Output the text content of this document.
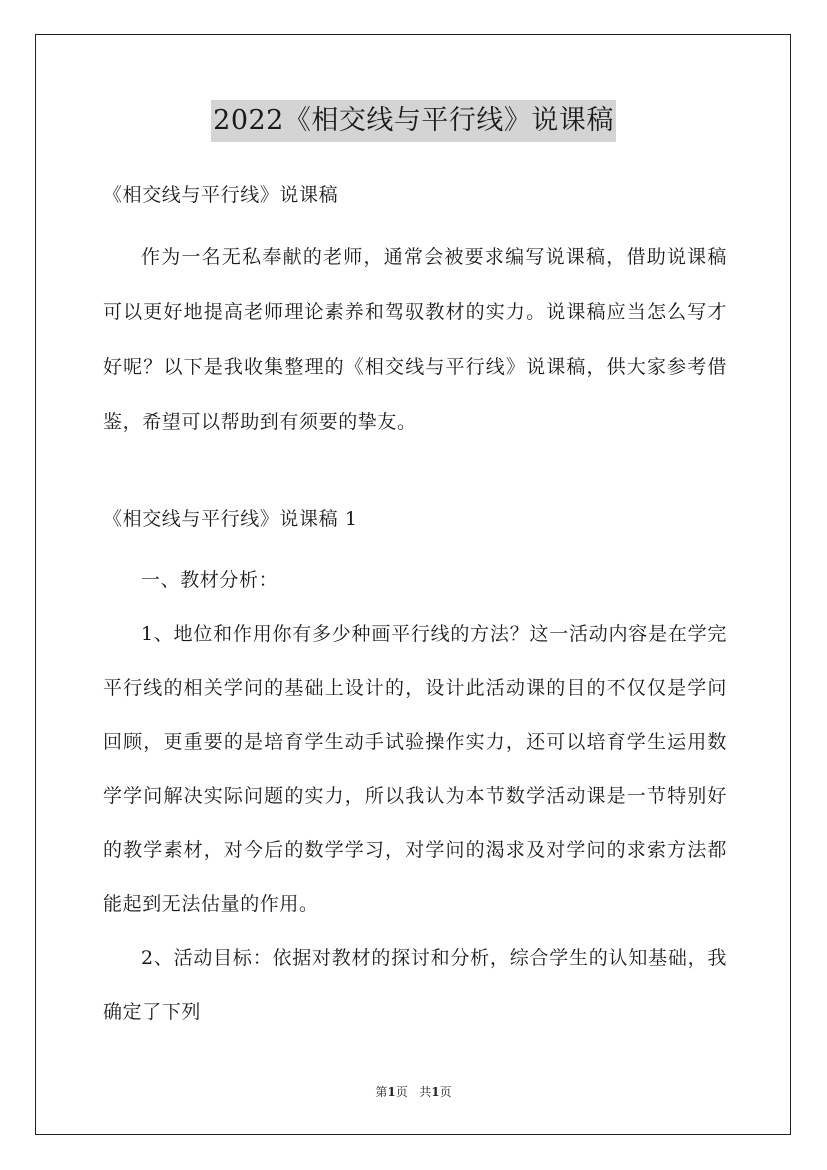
2022《相交线与平行线》说课稿
《相交线与平行线》说课稿
作为一名无私奉献的老师，通常会被要求编写说课稿，借助说课稿可以更好地提高老师理论素养和驾驭教材的实力。说课稿应当怎么写才好呢？以下是我收集整理的《相交线与平行线》说课稿，供大家参考借鉴，希望可以帮助到有须要的挚友。
《相交线与平行线》说课稿 1

一、教材分析：

1、地位和作用你有多少种画平行线的方法？这一活动内容是在学完平行线的相关学问的基础上设计的，设计此活动课的目的不仅仅是学问回顾，更重要的是培育学生动手试验操作实力，还可以培育学生运用数学学问解决实际问题的实力，所以我认为本节数学活动课是一节特别好的教学素材，对今后的数学学习，对学问的渴求及对学问的求索方法都能起到无法估量的作用。

2、活动目标：依据对教材的探讨和分析，综合学生的认知基础，我确定了下列

第1页 共1页
